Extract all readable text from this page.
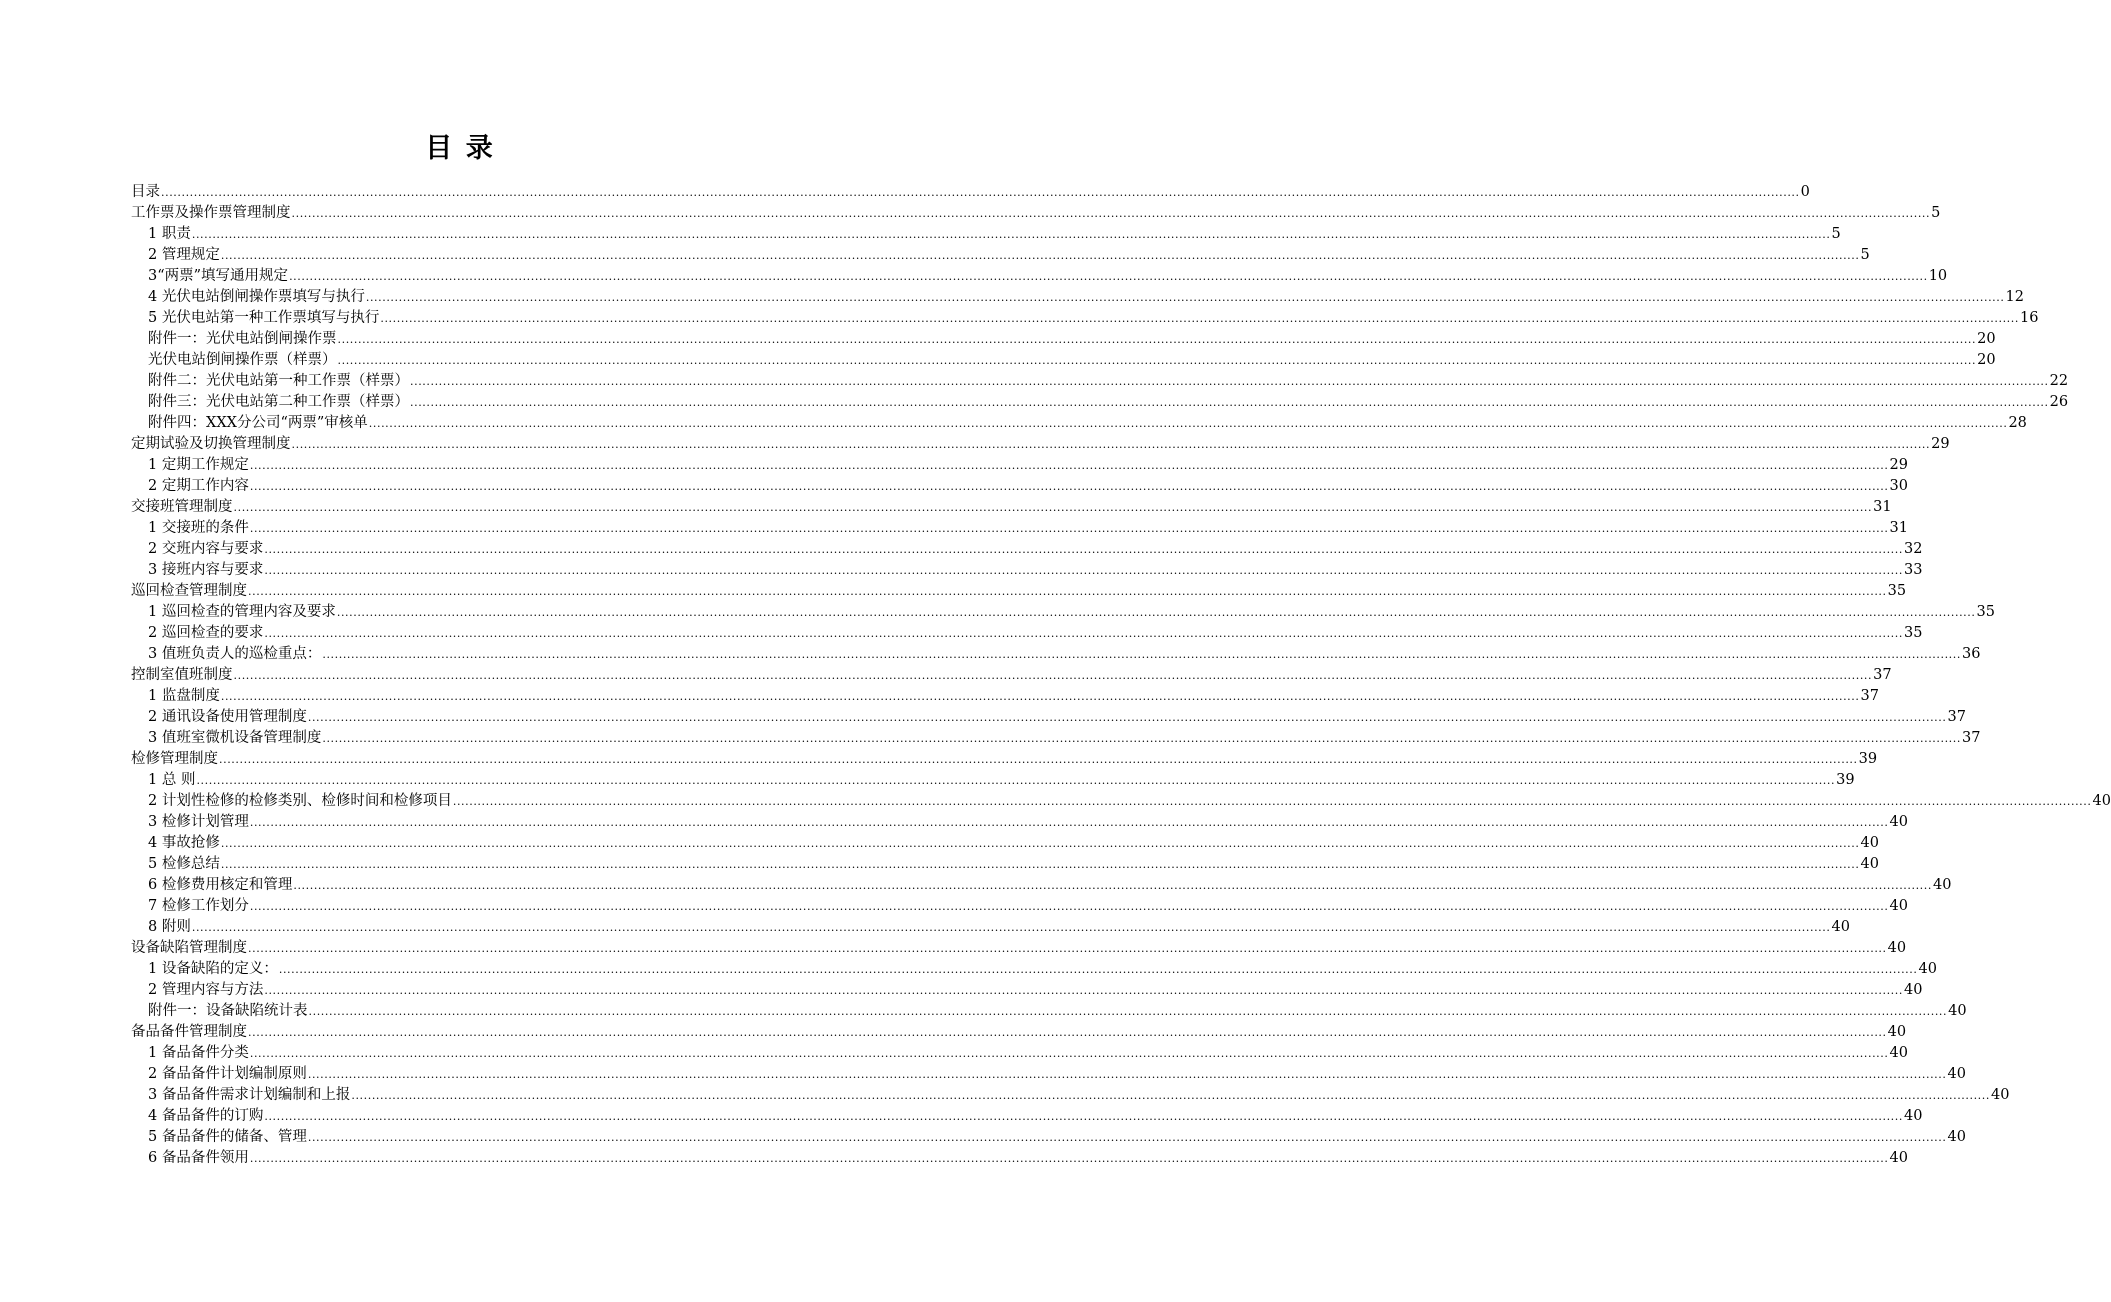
目 录
目录 ................................................................................................................................................................................................................................................................................................................................................................................................................ 0
工作票及操作票管理制度 ................................................................................................................................................................................................................................................................................................................................................................................................................ 5
1 职责 ................................................................................................................................................................................................................................................................................................................................................................................................................ 5
2 管理规定 ................................................................................................................................................................................................................................................................................................................................................................................................................ 5
3“两票”填写通用规定 ................................................................................................................................................................................................................................................................................................................................................................................................................ 10
4 光伏电站倒闸操作票填写与执行 ................................................................................................................................................................................................................................................................................................................................................................................................................ 12
5 光伏电站第一种工作票填写与执行 ................................................................................................................................................................................................................................................................................................................................................................................................................ 16
附件一：光伏电站倒闸操作票 ................................................................................................................................................................................................................................................................................................................................................................................................................ 20
光伏电站倒闸操作票（样票） ................................................................................................................................................................................................................................................................................................................................................................................................................ 20
附件二：光伏电站第一种工作票（样票） ................................................................................................................................................................................................................................................................................................................................................................................................................ 22
附件三：光伏电站第二种工作票（样票） ................................................................................................................................................................................................................................................................................................................................................................................................................ 26
附件四：XXX分公司“两票”审核单 ................................................................................................................................................................................................................................................................................................................................................................................................................ 28
定期试验及切换管理制度 ................................................................................................................................................................................................................................................................................................................................................................................................................ 29
1 定期工作规定 ................................................................................................................................................................................................................................................................................................................................................................................................................ 29
2 定期工作内容 ................................................................................................................................................................................................................................................................................................................................................................................................................ 30
交接班管理制度 ................................................................................................................................................................................................................................................................................................................................................................................................................ 31
1 交接班的条件 ................................................................................................................................................................................................................................................................................................................................................................................................................ 31
2 交班内容与要求 ................................................................................................................................................................................................................................................................................................................................................................................................................ 32
3 接班内容与要求 ................................................................................................................................................................................................................................................................................................................................................................................................................ 33
巡回检查管理制度 ................................................................................................................................................................................................................................................................................................................................................................................................................ 35
1 巡回检查的管理内容及要求 ................................................................................................................................................................................................................................................................................................................................................................................................................ 35
2 巡回检查的要求 ................................................................................................................................................................................................................................................................................................................................................................................................................ 35
3 值班负责人的巡检重点： ................................................................................................................................................................................................................................................................................................................................................................................................................ 36
控制室值班制度 ................................................................................................................................................................................................................................................................................................................................................................................................................ 37
1 监盘制度 ................................................................................................................................................................................................................................................................................................................................................................................................................ 37
2 通讯设备使用管理制度 ................................................................................................................................................................................................................................................................................................................................................................................................................ 37
3 值班室微机设备管理制度 ................................................................................................................................................................................................................................................................................................................................................................................................................ 37
检修管理制度 ................................................................................................................................................................................................................................................................................................................................................................................................................ 39
1 总 则 ................................................................................................................................................................................................................................................................................................................................................................................................................ 39
2 计划性检修的检修类别、检修时间和检修项目 ................................................................................................................................................................................................................................................................................................................................................................................................................ 40
3 检修计划管理 ................................................................................................................................................................................................................................................................................................................................................................................................................ 40
4 事故抢修 ................................................................................................................................................................................................................................................................................................................................................................................................................ 40
5 检修总结 ................................................................................................................................................................................................................................................................................................................................................................................................................ 40
6 检修费用核定和管理 ................................................................................................................................................................................................................................................................................................................................................................................................................ 40
7 检修工作划分 ................................................................................................................................................................................................................................................................................................................................................................................................................ 40
8 附则 ................................................................................................................................................................................................................................................................................................................................................................................................................ 40
设备缺陷管理制度 ................................................................................................................................................................................................................................................................................................................................................................................................................ 40
1 设备缺陷的定义： ................................................................................................................................................................................................................................................................................................................................................................................................................ 40
2 管理内容与方法 ................................................................................................................................................................................................................................................................................................................................................................................................................ 40
附件一：设备缺陷统计表 ................................................................................................................................................................................................................................................................................................................................................................................................................ 40
备品备件管理制度 ................................................................................................................................................................................................................................................................................................................................................................................................................ 40
1 备品备件分类 ................................................................................................................................................................................................................................................................................................................................................................................................................ 40
2 备品备件计划编制原则 ................................................................................................................................................................................................................................................................................................................................................................................................................ 40
3 备品备件需求计划编制和上报 ................................................................................................................................................................................................................................................................................................................................................................................................................ 40
4 备品备件的订购 ................................................................................................................................................................................................................................................................................................................................................................................................................ 40
5 备品备件的储备、管理 ................................................................................................................................................................................................................................................................................................................................................................................................................ 40
6 备品备件领用 ................................................................................................................................................................................................................................................................................................................................................................................................................ 40
